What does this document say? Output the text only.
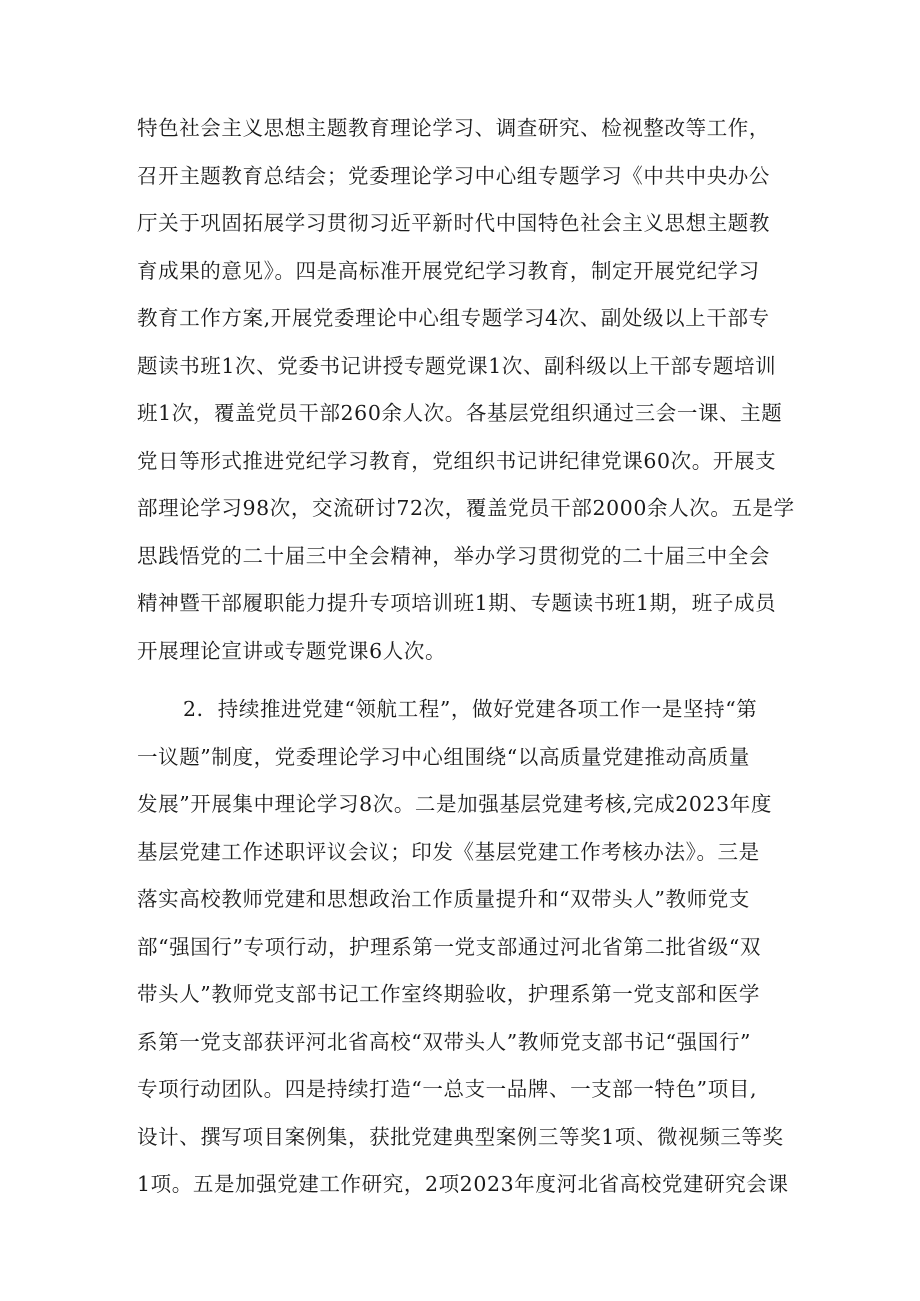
特色社会主义思想主题教育理论学习、调查研究、检视整改等工作，
召开主题教育总结会；党委理论学习中心组专题学习《中共中央办公
厅关于巩固拓展学习贯彻习近平新时代中国特色社会主义思想主题教
育成果的意见》。四是高标准开展党纪学习教育，制定开展党纪学习
教育工作方案,开展党委理论中心组专题学习4次、副处级以上干部专
题读书班1次、党委书记讲授专题党课1次、副科级以上干部专题培训
班1次，覆盖党员干部260余人次。各基层党组织通过三会一课、主题
党日等形式推进党纪学习教育，党组织书记讲纪律党课60次。开展支
部理论学习98次，交流研讨72次，覆盖党员干部2000余人次。五是学
思践悟党的二十届三中全会精神，举办学习贯彻党的二十届三中全会
精神暨干部履职能力提升专项培训班1期、专题读书班1期，班子成员
开展理论宣讲或专题党课6人次。
2．持续推进党建“领航工程”，做好党建各项工作一是坚持“第
一议题”制度，党委理论学习中心组围绕“以高质量党建推动高质量
发展”开展集中理论学习8次。二是加强基层党建考核,完成2023年度
基层党建工作述职评议会议；印发《基层党建工作考核办法》。三是
落实高校教师党建和思想政治工作质量提升和“双带头人”教师党支
部“强国行”专项行动，护理系第一党支部通过河北省第二批省级“双
带头人”教师党支部书记工作室终期验收，护理系第一党支部和医学
系第一党支部获评河北省高校“双带头人”教师党支部书记“强国行”
专项行动团队。四是持续打造“一总支一品牌、一支部一特色”项目,
设计、撰写项目案例集，获批党建典型案例三等奖1项、微视频三等奖
1项。五是加强党建工作研究，2项2023年度河北省高校党建研究会课
